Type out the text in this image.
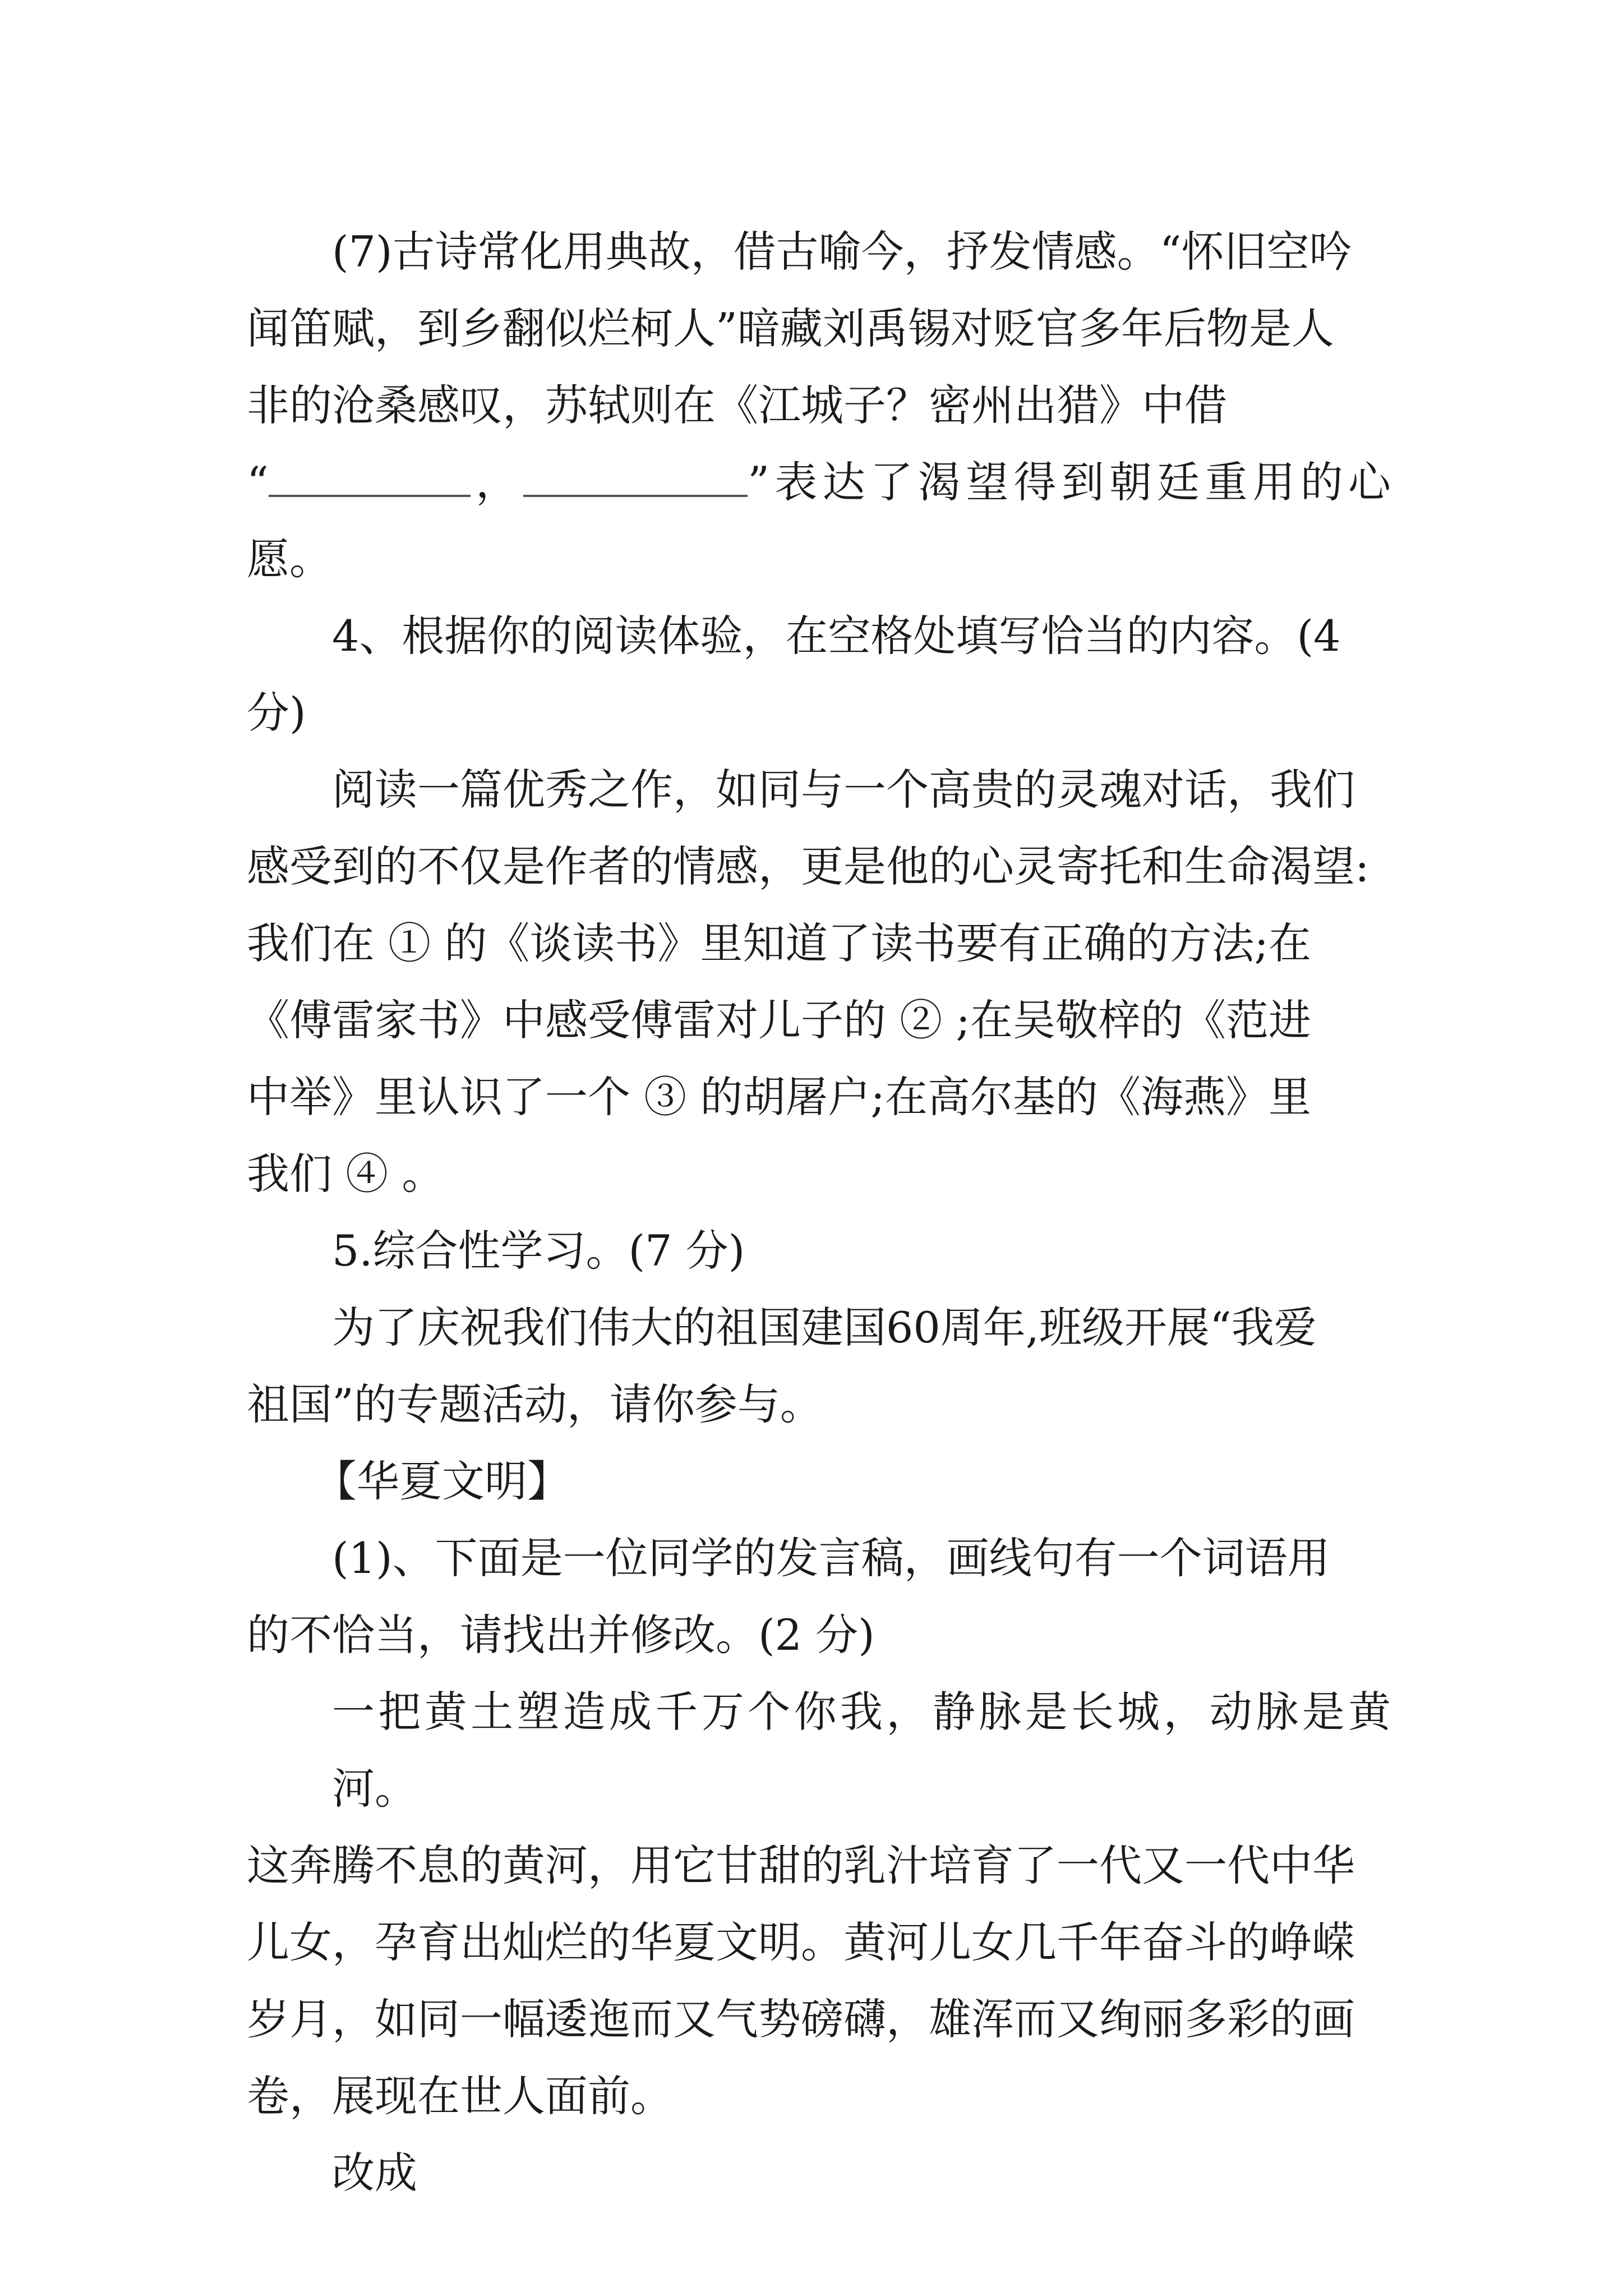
(7)古诗常化用典故，借古喻今，抒发情感。“怀旧空吟
闻笛赋，到乡翻似烂柯人”暗藏刘禹锡对贬官多年后物是人
非的沧桑感叹，苏轼则在《江城子？密州出猎》中借
“	，	”表达了渴望得到朝廷重用的心愿。
4、根据你的阅读体验，在空格处填写恰当的内容。(4
分)
阅读一篇优秀之作，如同与一个高贵的灵魂对话，我们
感受到的不仅是作者的情感，更是他的心灵寄托和生命渴望:
我们在 ① 的《谈读书》里知道了读书要有正确的方法;在
《傅雷家书》中感受傅雷对儿子的 ② ;在吴敬梓的《范进
中举》里认识了一个 ③ 的胡屠户;在高尔基的《海燕》里
我们 ④ 。
5.综合性学习。(7 分)
为了庆祝我们伟大的祖国建国60周年,班级开展“我爱
祖国”的专题活动，请你参与。

【华夏文明】

(1)、下面是一位同学的发言稿，画线句有一个词语用
的不恰当，请找出并修改。(2 分)
一把黄土塑造成千万个你我，静脉是长城，动脉是黄河。
这奔腾不息的黄河，用它甘甜的乳汁培育了一代又一代中华
儿女，孕育出灿烂的华夏文明。黄河儿女几千年奋斗的峥嵘
岁月，如同一幅逶迤而又气势磅礴，雄浑而又绚丽多彩的画
卷，展现在世人面前。

改成
